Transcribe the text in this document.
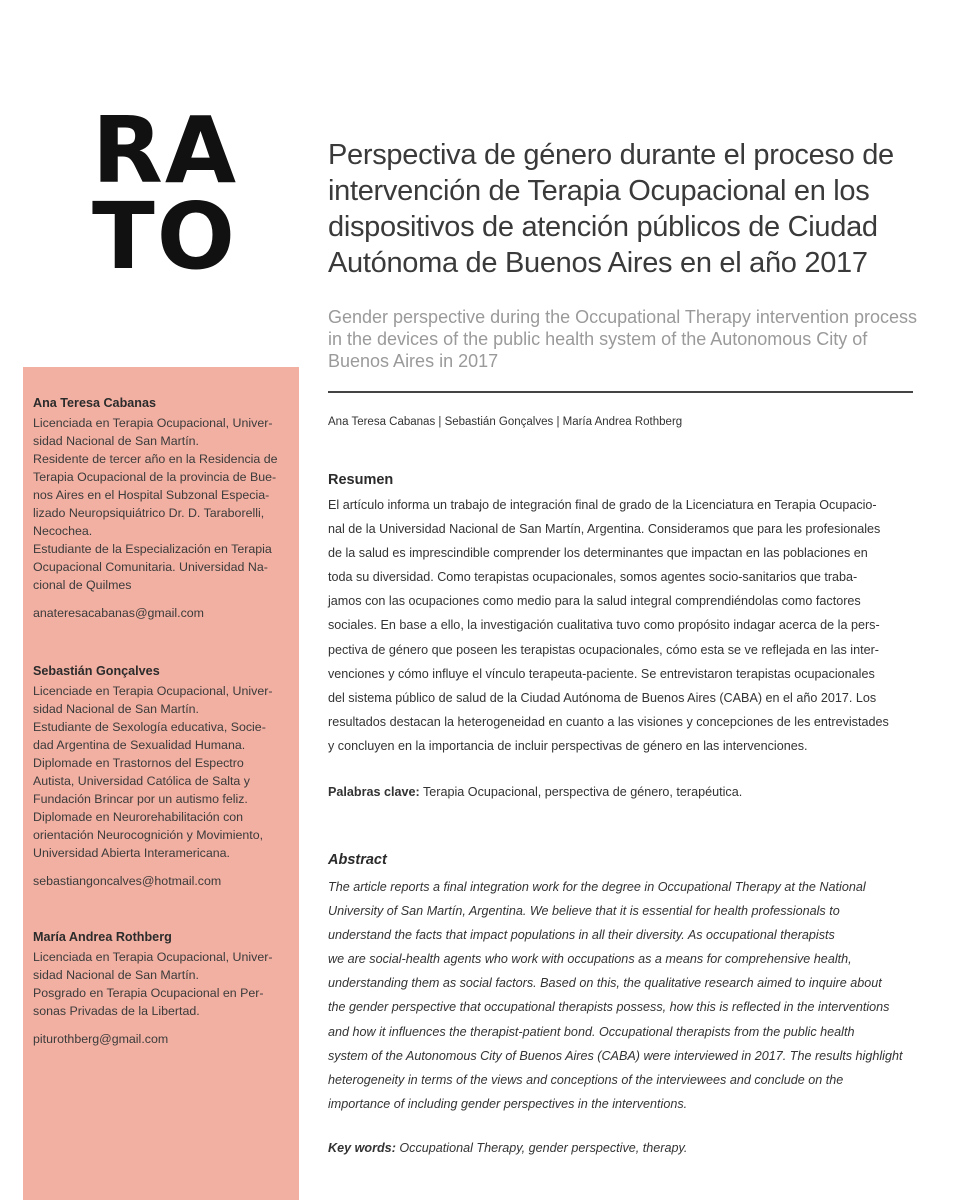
RA
TO
Ana Teresa Cabanas
Licenciada en Terapia Ocupacional, Univer-
sidad Nacional de San Martín.
Residente de tercer año en la Residencia de
Terapia Ocupacional de la provincia de Bue-
nos Aires en el Hospital Subzonal Especia-
lizado Neuropsiquiátrico Dr. D. Taraborelli,
Necochea.
Estudiante de la Especialización en Terapia
Ocupacional Comunitaria. Universidad Na-
cional de Quilmes
anateresacabanas@gmail.com
Sebastián Gonçalves
Licenciade en Terapia Ocupacional, Univer-
sidad Nacional de San Martín.
Estudiante de Sexología educativa, Socie-
dad Argentina de Sexualidad Humana.
Diplomade en Trastornos del Espectro
Autista, Universidad Católica de Salta y
Fundación Brincar por un autismo feliz.
Diplomade en Neurorehabilitación con
orientación Neurocognición y Movimiento,
Universidad Abierta Interamericana.
sebastiangoncalves@hotmail.com
María Andrea Rothberg
Licenciada en Terapia Ocupacional, Univer-
sidad Nacional de San Martín.
Posgrado en Terapia Ocupacional en Per-
sonas Privadas de la Libertad.
piturothberg@gmail.com
Perspectiva de género durante el proceso de
intervención de Terapia Ocupacional en los
dispositivos de atención públicos de Ciudad
Autónoma de Buenos Aires en el año 2017
Gender perspective during the Occupational Therapy intervention process
in the devices of the public health system of the Autonomous City of
Buenos Aires in 2017
Ana Teresa Cabanas | Sebastián Gonçalves | María Andrea Rothberg
Resumen
El artículo informa un trabajo de integración final de grado de la Licenciatura en Terapia Ocupacio-
nal de la Universidad Nacional de San Martín, Argentina. Consideramos que para les profesionales
de la salud es imprescindible comprender los determinantes que impactan en las poblaciones en
toda su diversidad. Como terapistas ocupacionales, somos agentes socio-sanitarios que traba-
jamos con las ocupaciones como medio para la salud integral comprendiéndolas como factores
sociales. En base a ello, la investigación cualitativa tuvo como propósito indagar acerca de la pers-
pectiva de género que poseen les terapistas ocupacionales, cómo esta se ve reflejada en las inter-
venciones y cómo influye el vínculo terapeuta-paciente. Se entrevistaron terapistas ocupacionales
del sistema público de salud de la Ciudad Autónoma de Buenos Aires (CABA) en el año 2017. Los
resultados destacan la heterogeneidad en cuanto a las visiones y concepciones de les entrevistades
y concluyen en la importancia de incluir perspectivas de género en las intervenciones.
Palabras clave: Terapia Ocupacional, perspectiva de género, terapéutica.
Abstract
The article reports a final integration work for the degree in Occupational Therapy at the National
University of San Martín, Argentina. We believe that it is essential for health professionals to
understand the facts that impact populations in all their diversity. As occupational therapists
we are social-health agents who work with occupations as a means for comprehensive health,
understanding them as social factors. Based on this, the qualitative research aimed to inquire about
the gender perspective that occupational therapists possess, how this is reflected in the interventions
and how it influences the therapist-patient bond. Occupational therapists from the public health
system of the Autonomous City of Buenos Aires (CABA) were interviewed in 2017. The results highlight
heterogeneity in terms of the views and conceptions of the interviewees and conclude on the
importance of including gender perspectives in the interventions.
Key words: Occupational Therapy, gender perspective, therapy.
